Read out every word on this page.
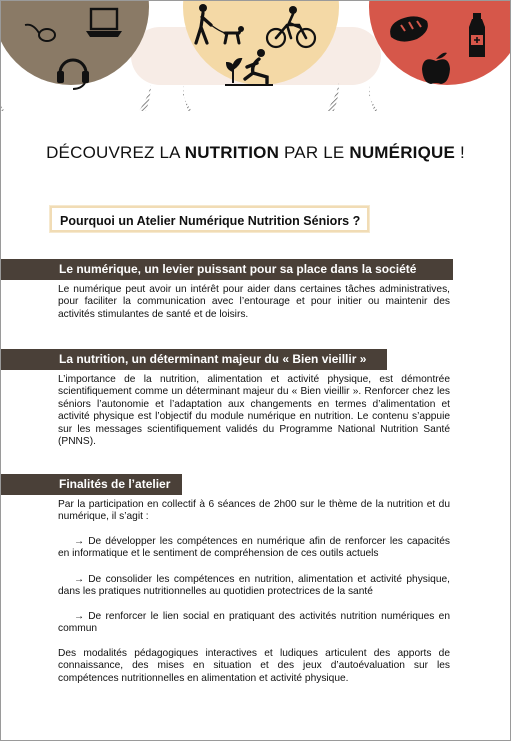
DÉCOUVREZ LA NUTRITION PAR LE NUMÉRIQUE !
Pourquoi un Atelier Numérique Nutrition Séniors ?
Le numérique, un levier puissant pour sa place dans la société
Le numérique peut avoir un intérêt pour aider dans certaines tâches administratives, pour faciliter la communication avec l’entourage et pour initier ou maintenir des activités stimulantes de santé et de loisirs.
La nutrition, un déterminant majeur du « Bien vieillir »
L’importance de la nutrition, alimentation et activité physique, est démontrée scientifiquement comme un déterminant majeur du « Bien vieillir ». Renforcer chez les séniors l’autonomie et l’adaptation aux changements en termes d’alimentation et activité physique est l’objectif du module numérique en nutrition. Le contenu s’appuie sur les messages scientifiquement validés du Programme National Nutrition Santé (PNNS).
Finalités de l’atelier
Par la participation en collectif à 6 séances de 2h00 sur le thème de la nutrition et du numérique, il s’agit :
→ De développer les compétences en numérique afin de renforcer les capacités en informatique et le sentiment de compréhension de ces outils actuels
→ De consolider les compétences en nutrition, alimentation et activité physique, dans les pratiques nutritionnelles au quotidien protectrices de la santé
→ De renforcer le lien social en pratiquant des activités nutrition numériques en commun
Des modalités pédagogiques interactives et ludiques articulent des apports de connaissance, des mises en situation et des jeux d’autoévaluation sur les compétences nutritionnelles en alimentation et activité physique.
